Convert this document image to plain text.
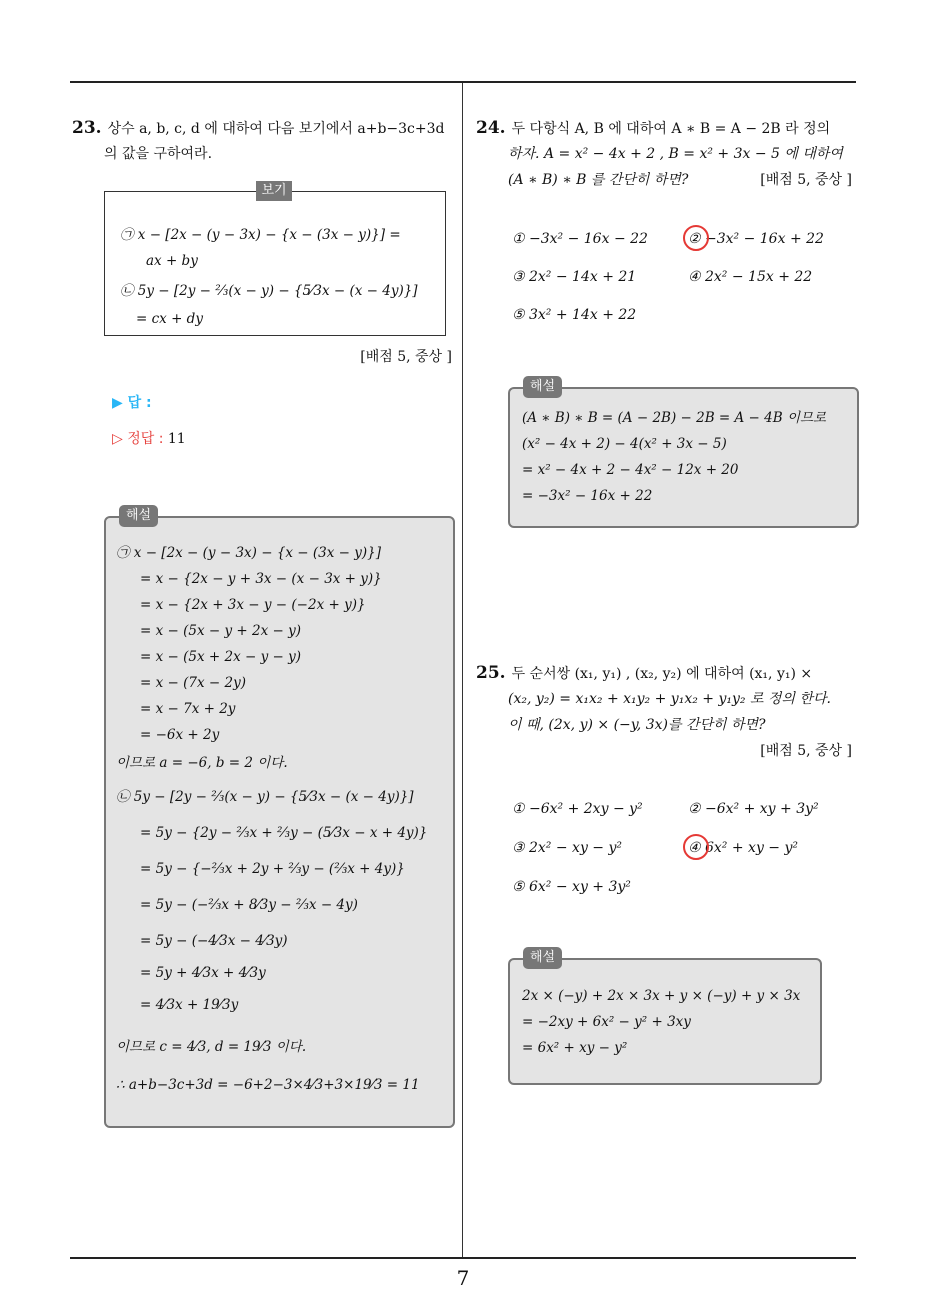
23. 상수 a, b, c, d 에 대하여 다음 보기에서 a+b−3c+3d
의 값을 구하여라.
보기
㉠ x − [2x − (y − 3x) − {x − (3x − y)}] =
ax + by
㉡ 5y − [2y − ⅔(x − y) − {5⁄3x − (x − 4y)}]
= cx + dy
[배점 5, 중상 ]
▶ 답 :
▷ 정답 : 11
해설
㉠ x − [2x − (y − 3x) − {x − (3x − y)}]
= x − {2x − y + 3x − (x − 3x + y)}
= x − {2x + 3x − y − (−2x + y)}
= x − (5x − y + 2x − y)
= x − (5x + 2x − y − y)
= x − (7x − 2y)
= x − 7x + 2y
= −6x + 2y
이므로 a = −6, b = 2 이다.
㉡ 5y − [2y − ⅔(x − y) − {5⁄3x − (x − 4y)}]
= 5y − {2y − ⅔x + ⅔y − (5⁄3x − x + 4y)}
= 5y − {−⅔x + 2y + ⅔y − (⅔x + 4y)}
= 5y − (−⅔x + 8⁄3y − ⅔x − 4y)
= 5y − (−4⁄3x − 4⁄3y)
= 5y + 4⁄3x + 4⁄3y
= 4⁄3x + 19⁄3y
이므로 c = 4⁄3, d = 19⁄3 이다.
∴ a+b−3c+3d = −6+2−3×4⁄3+3×19⁄3 = 11
24. 두 다항식 A, B 에 대하여 A ∗ B = A − 2B 라 정의
하자. A = x² − 4x + 2 , B = x² + 3x − 5 에 대하여
(A ∗ B) ∗ B 를 간단히 하면?	[배점 5, 중상 ]
① −3x² − 16x − 22	② −3x² − 16x + 22
③ 2x² − 14x + 21	④ 2x² − 15x + 22
⑤ 3x² + 14x + 22
해설
(A ∗ B) ∗ B = (A − 2B) − 2B = A − 4B 이므로
(x² − 4x + 2) − 4(x² + 3x − 5)
= x² − 4x + 2 − 4x² − 12x + 20
= −3x² − 16x + 22
25. 두 순서쌍 (x₁, y₁) , (x₂, y₂) 에 대하여 (x₁, y₁) ×
(x₂, y₂) = x₁x₂ + x₁y₂ + y₁x₂ + y₁y₂ 로 정의 한다.
이 때, (2x, y) × (−y, 3x)를 간단히 하면?
[배점 5, 중상 ]
① −6x² + 2xy − y²	② −6x² + xy + 3y²
③ 2x² − xy − y²	④ 6x² + xy − y²
⑤ 6x² − xy + 3y²
해설
2x × (−y) + 2x × 3x + y × (−y) + y × 3x
= −2xy + 6x² − y² + 3xy
= 6x² + xy − y²
7
